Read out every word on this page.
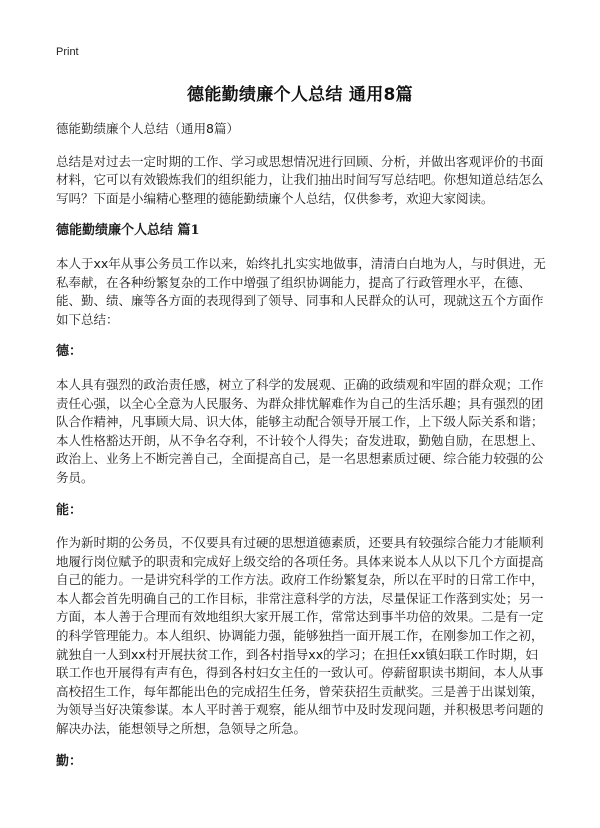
Print
德能勤绩廉个人总结 通用8篇

德能勤绩廉个人总结（通用8篇）

总结是对过去一定时期的工作、学习或思想情况进行回顾、分析，并做出客观评价的书面材料，它可以有效锻炼我们的组织能力，让我们抽出时间写写总结吧。你想知道总结怎么写吗？下面是小编精心整理的德能勤绩廉个人总结，仅供参考，欢迎大家阅读。

德能勤绩廉个人总结 篇1

本人于xx年从事公务员工作以来，始终扎扎实实地做事，清清白白地为人，与时俱进，无私奉献，在各种纷繁复杂的工作中增强了组织协调能力，提高了行政管理水平，在德、能、勤、绩、廉等各方面的表现得到了领导、同事和人民群众的认可，现就这五个方面作如下总结：

德：

本人具有强烈的政治责任感，树立了科学的发展观、正确的政绩观和牢固的群众观；工作责任心强，以全心全意为人民服务、为群众排忧解难作为自己的生活乐趣；具有强烈的团队合作精神，凡事顾大局、识大体，能够主动配合领导开展工作，上下级人际关系和谐；本人性格豁达开朗，从不争名夺利，不计较个人得失；奋发进取，勤勉自励，在思想上、政治上、业务上不断完善自己，全面提高自己，是一名思想素质过硬、综合能力较强的公务员。

能：

作为新时期的公务员，不仅要具有过硬的思想道德素质，还要具有较强综合能力才能顺利地履行岗位赋予的职责和完成好上级交给的各项任务。具体来说本人从以下几个方面提高自己的能力。一是讲究科学的工作方法。政府工作纷繁复杂，所以在平时的日常工作中，本人都会首先明确自己的工作目标，非常注意科学的方法，尽量保证工作落到实处；另一方面，本人善于合理而有效地组织大家开展工作，常常达到事半功倍的效果。二是有一定的科学管理能力。本人组织、协调能力强，能够独挡一面开展工作，在刚参加工作之初，就独自一人到xx村开展扶贫工作，到各村指导xx的学习；在担任xx镇妇联工作时期，妇联工作也开展得有声有色，得到各村妇女主任的一致认可。停薪留职读书期间，本人从事高校招生工作，每年都能出色的完成招生任务，曾荣获招生贡献奖。三是善于出谋划策，为领导当好决策参谋。本人平时善于观察，能从细节中及时发现问题，并积极思考问题的解决办法，能想领导之所想，急领导之所急。

勤：
